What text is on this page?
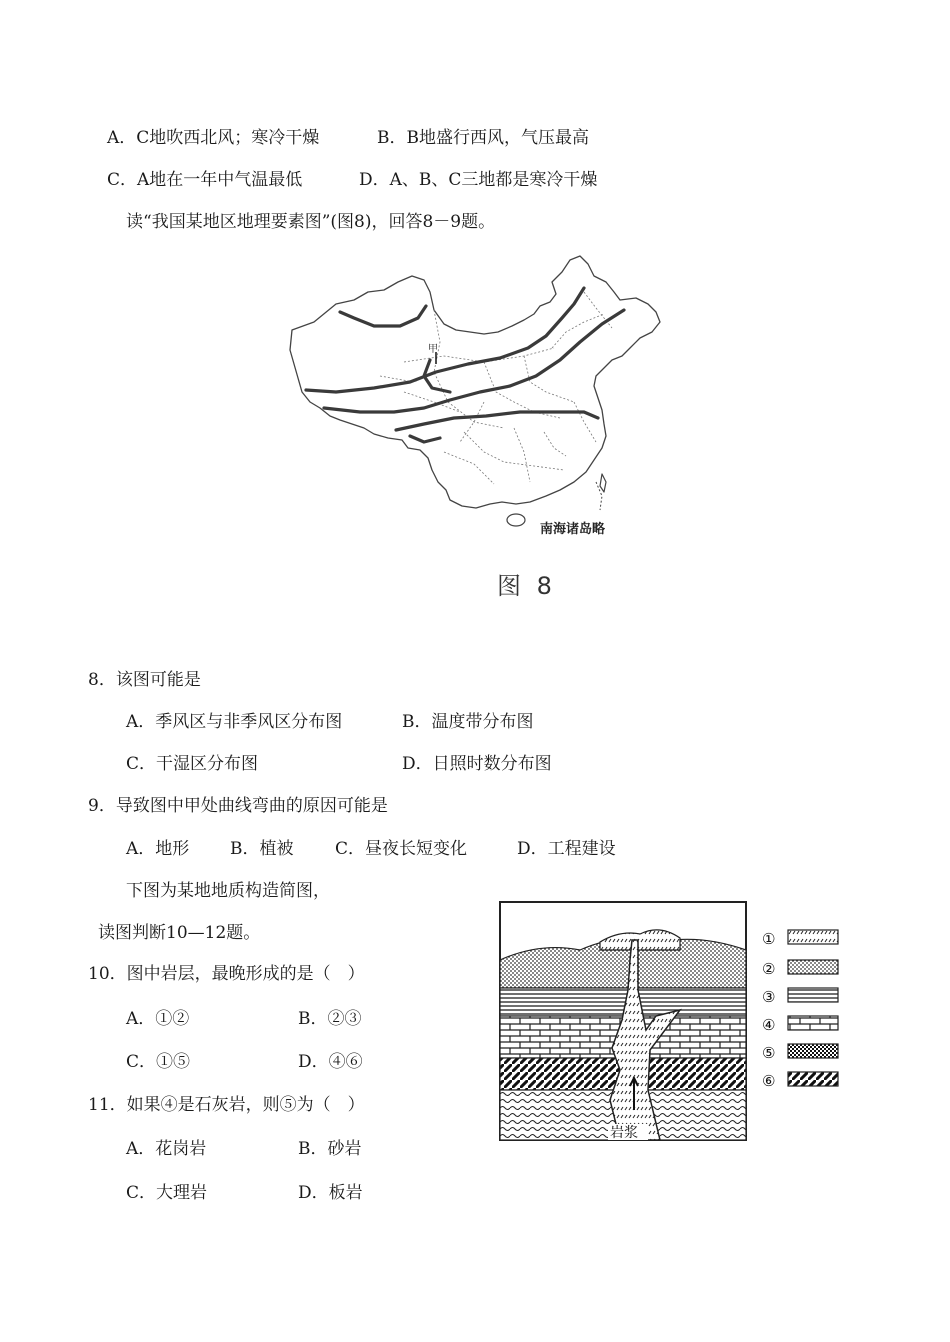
A．C地吹西北风；寒冷干燥	B．B地盛行西风，气压最高
C．A地在一年中气温最低	D．A、B、C三地都是寒冷干燥
读“我国某地区地理要素图”(图8)，回答8－9题。
甲
南海诸岛略
图 8
8．该图可能是
A．季风区与非季风区分布图	B．温度带分布图
C．干湿区分布图	D．日照时数分布图
9．导致图中甲处曲线弯曲的原因可能是
A．地形 B．植被 C．昼夜长短变化	D．工程建设
下图为某地地质构造简图，
读图判断10—12题。
10．图中岩层，最晚形成的是（　）
A．①②	B．②③
C．①⑤	D．④⑥
11．如果④是石灰岩，则⑤为（　）
A．花岗岩	B．砂岩
C．大理岩	D．板岩
岩浆
①
②
③
④
⑤
⑥
